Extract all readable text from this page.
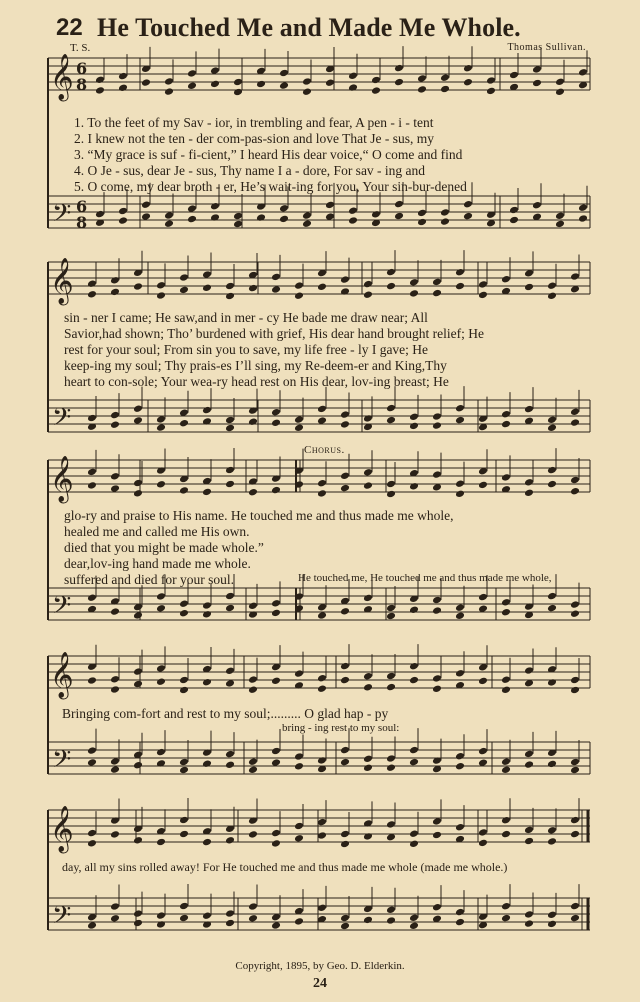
𝄞
𝄢
𝄞
𝄢
𝄞
𝄢
𝄞
𝄢
𝄞
𝄢
6
8
6
8
22 He Touched Me and Made Me Whole.
T. S.	Thomas Sullivan.
1. To the feet of my Sav - ior, in trembling and fear, A pen - i - tent
2. I knew not the ten - der com-pas-sion and love That Je - sus, my
3. “My grace is suf - fi-cient,” I heard His dear voice,“ O come and find
4. O Je - sus, dear Je - sus, Thy name I a - dore, For sav - ing and
5. O come, my dear broth - er, He’s wait-ing for you, Your sin-bur-dened
sin - ner I came; He saw,and in mer - cy He bade me draw near; All
Savior,had shown; Tho’ burdened with grief, His dear hand brought relief; He
rest for your soul; From sin you to save, my life free - ly I gave; He
keep-ing my soul; Thy prais-es I’ll sing, my Re-deem-er and King,Thy
heart to con-sole; Your wea-ry head rest on His dear, lov-ing breast; He
Chorus.
glo-ry and praise to His name. He touched me and thus made me whole,
healed me and called me His own.
died that you might be made whole.”
dear,lov-ing hand made me whole.
suffered and died for your soul.	He touched me, He touched me and thus made me whole,
Bringing com-fort and rest to my soul;......... O glad hap - py
bring - ing rest to my soul:
day, all my sins rolled away! For He touched me and thus made me whole (made me whole.)
Copyright, 1895, by Geo. D. Elderkin.
24
